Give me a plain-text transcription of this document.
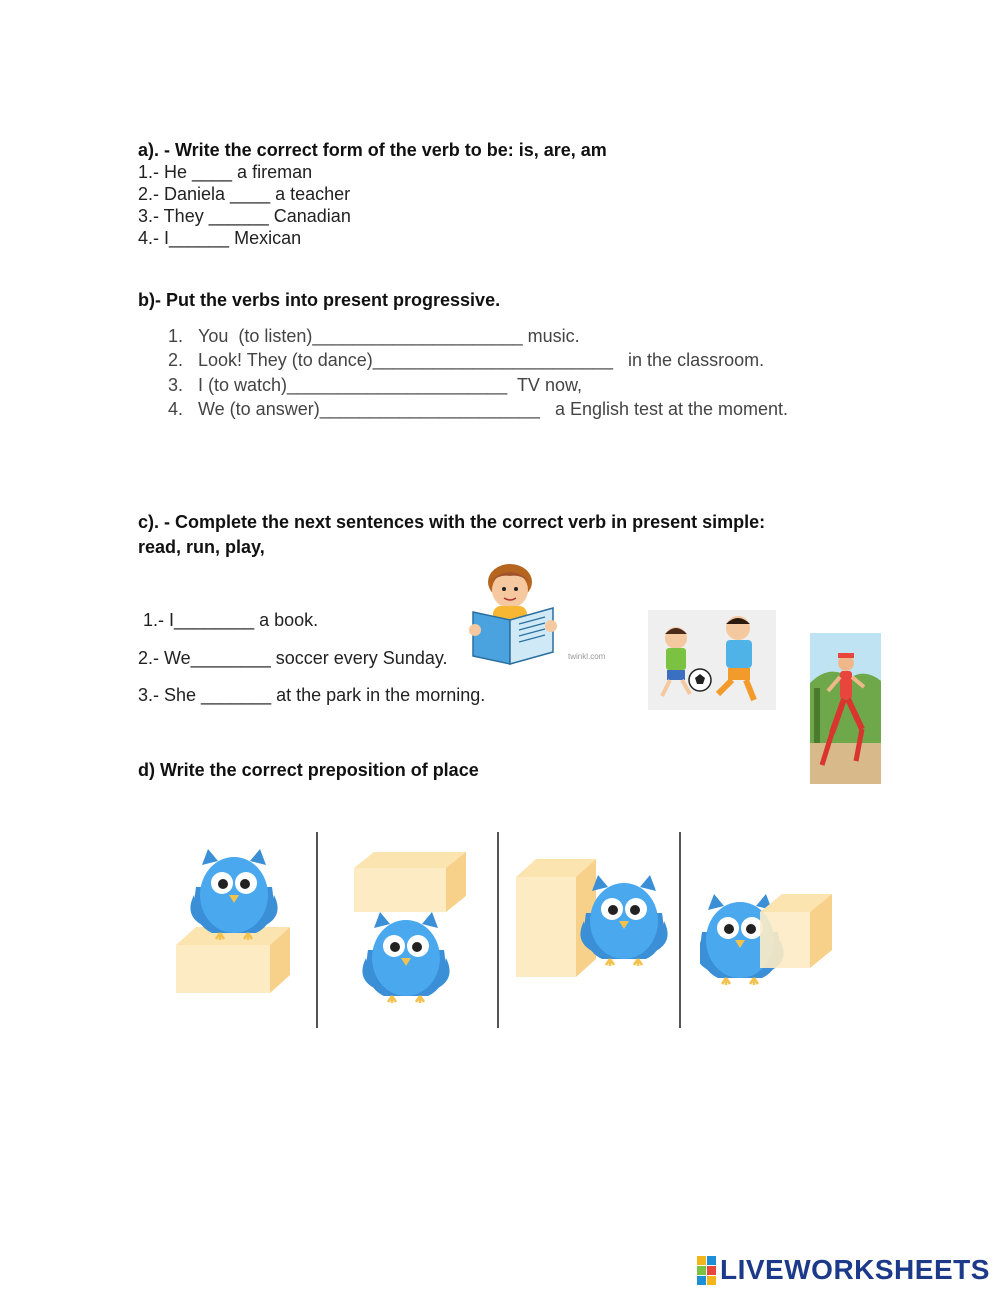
a). - Write the correct form of the verb to be: is, are, am
1.- He ____ a fireman
2.- Daniela ____ a teacher
3.- They ______ Canadian
4.- I______ Mexican
b)- Put the verbs into present progressive.
1. You  (to listen)_____________________ music.
2. Look! They (to dance)________________________   in the classroom.
3. I (to watch)______________________  TV now,
4. We (to answer)______________________   a English test at the moment.
c). - Complete the next sentences with the correct verb in present simple:
read, run, play,
1.- I________ a book.
2.- We________ soccer every Sunday.
3.- She _______ at the park in the morning.
twinkl.com
d) Write the correct preposition of place
LIVEWORKSHEETS
